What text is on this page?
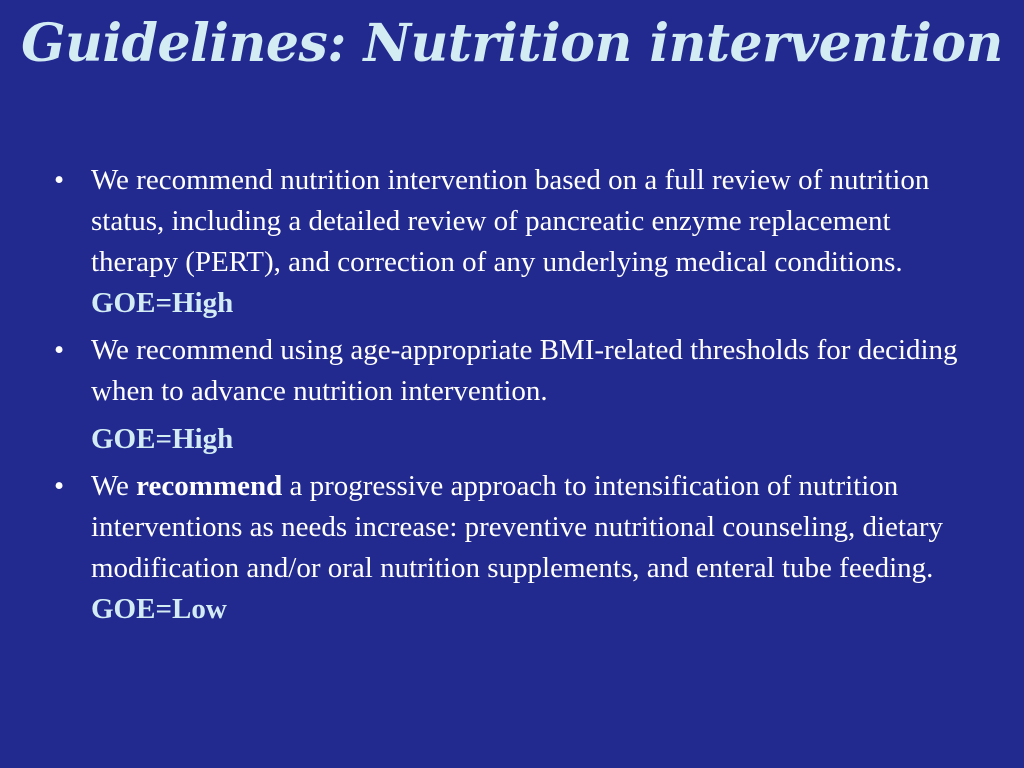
Guidelines: Nutrition intervention
• We recommend nutrition intervention based on a full review of nutrition status, including a detailed review of pancreatic enzyme replacement therapy (PERT), and correction of any underlying medical conditions.
GOE=High
• We recommend using age-appropriate BMI-related thresholds for deciding when to advance nutrition intervention.
GOE=High
• We recommend a progressive approach to intensification of nutrition interventions as needs increase: preventive nutritional counseling, dietary modification and/or oral nutrition supplements, and enteral tube feeding.
GOE=Low
